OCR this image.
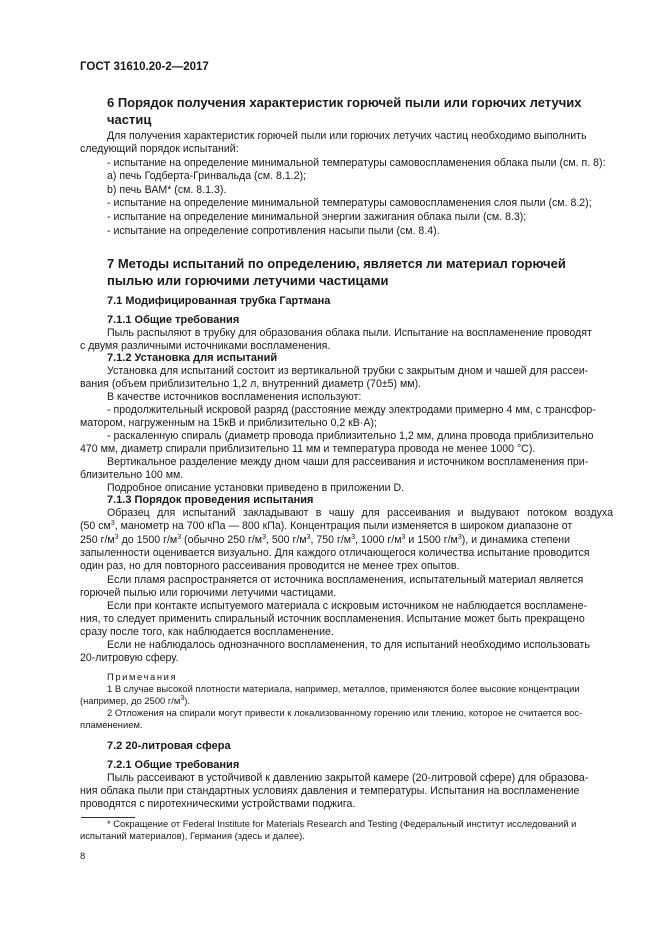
ГОСТ 31610.20-2—2017
6 Порядок получения характеристик горючей пыли или горючих летучих
частиц
Для получения характеристик горючей пыли или горючих летучих частиц необходимо выполнить
следующий порядок испытаний:
- испытание на определение минимальной температуры самовоспламенения облака пыли (см. п. 8):
а) печь Годберта-Гринвальда (см. 8.1.2);
b) печь ВАМ* (см. 8.1.3).
- испытание на определение минимальной температуры самовоспламенения слоя пыли (см. 8.2);
- испытание на определение минимальной энергии зажигания облака пыли (см. 8.3);
- испытание на определение сопротивления насыпи пыли (см. 8.4).
7 Методы испытаний по определению, является ли материал горючей
пылью или горючими летучими частицами
7.1 Модифицированная трубка Гартмана
7.1.1 Общие требования
Пыль распыляют в трубку для образования облака пыли. Испытание на воспламенение проводят
с двумя различными источниками воспламенения.
7.1.2 Установка для испытаний
Установка для испытаний состоит из вертикальной трубки с закрытым дном и чашей для рассеи-
вания (объем приблизительно 1,2 л, внутренний диаметр (70±5) мм).
В качестве источников воспламенения используют:
- продолжительный искровой разряд (расстояние между электродами примерно 4 мм, с трансфор-
матором, нагруженным на 15кВ и приблизительно 0,2 кВ·А);
- раскаленную спираль (диаметр провода приблизительно 1,2 мм, длина провода приблизительно
470 мм, диаметр спирали приблизительно 11 мм и температура провода не менее 1000 °С).
Вертикальное разделение между дном чаши для рассеивания и источником воспламенения при-
близительно 100 мм.
Подробное описание установки приведено в приложении D.
7.1.3 Порядок проведения испытания
Образец для испытаний закладывают в чашу для рассеивания и выдувают потоком воздуха
(50 $см^3$, манометр на 700 кПа — 800 кПа). Концентрация пыли изменяется в широком диапазоне от
250 $г/м^3$ до 1500 $г/м^3$ (обычно 250 $г/м^3$, 500 $г/м^3$, 750 $г/м^3$, 1000 $г/м^3$ и 1500 $г/м^3$), и динамика степени
запыленности оценивается визуально. Для каждого отличающегося количества испытание проводится
один раз, но для повторного рассеивания проводится не менее трех опытов.
Если пламя распространяется от источника воспламенения, испытательный материал является
горючей пылью или горючими летучими частицами.
Если при контакте испытуемого материала с искровым источником не наблюдается воспламене-
ния, то следует применить спиральный источник воспламенения. Испытание может быть прекращено
сразу после того, как наблюдается воспламенение.
Если не наблюдалось однозначного воспламенения, то для испытаний необходимо использовать
20-литровую сферу.
Примечания
1 В случае высокой плотности материала, например, металлов, применяются более высокие концентрации
(например, до 2500 $г/м^3$).
2 Отложения на спирали могут привести к локализованному горению или тлению, которое не считается вос-
пламенением.
7.2 20-литровая сфера
7.2.1 Общие требования
Пыль рассеивают в устойчивой к давлению закрытой камере (20-литровой сфере) для образова-
ния облака пыли при стандартных условиях давления и температуры. Испытания на воспламенение
проводятся с пиротехническими устройствами поджига.
* Сокращение от Federal Institute for Materials Research and Testing (Федеральный институт исследований и
испытаний материалов), Германия (здесь и далее).
8
